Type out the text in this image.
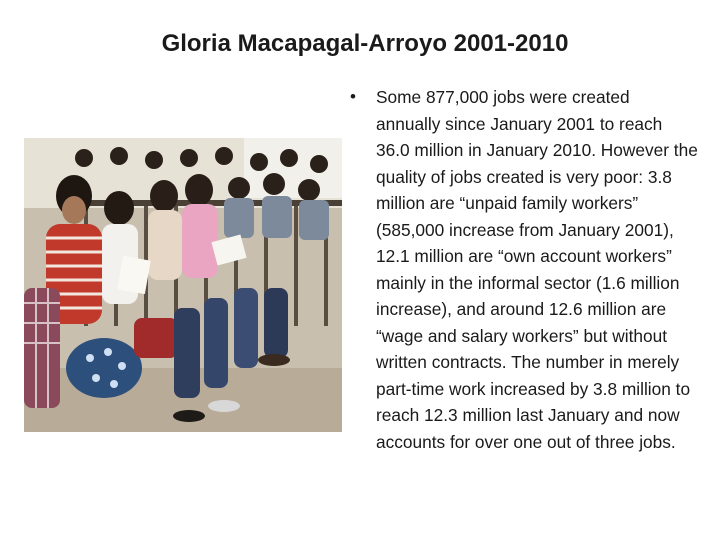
Gloria Macapagal-Arroyo 2001-2010
• Some 877,000 jobs were created annually since January 2001 to reach 36.0 million in January 2010. However the quality of jobs created is very poor: 3.8 million are “unpaid family workers” (585,000 increase from January 2001), 12.1 million are “own account workers” mainly in the informal sector (1.6 million increase), and around 12.6 million are “wage and salary workers” but without written contracts. The number in merely part-time work increased by 3.8 million to reach 12.3 million last January and now accounts for over one out of three jobs.
